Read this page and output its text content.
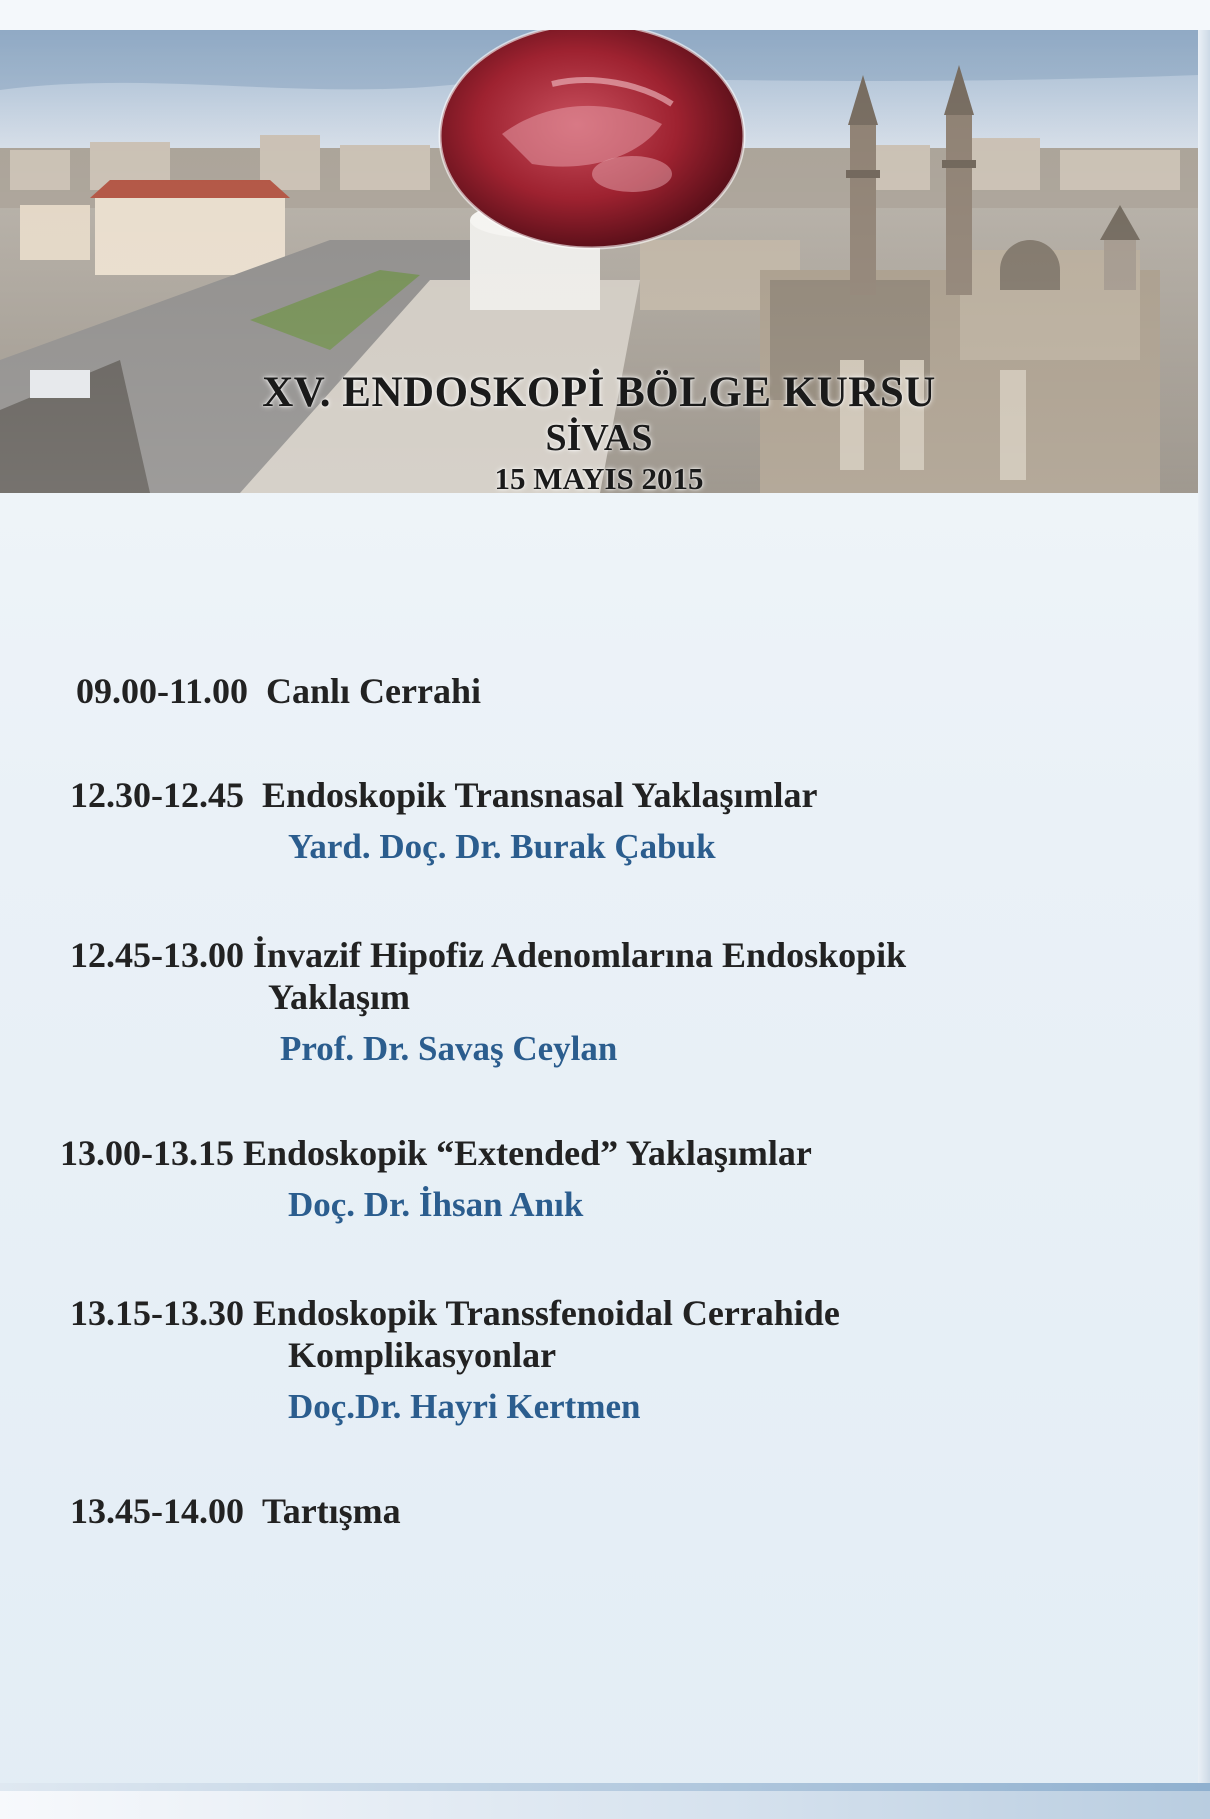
XV. ENDOSKOPİ BÖLGE KURSU
SİVAS
15 MAYIS 2015
09.00-11.00 Canlı Cerrahi
12.30-12.45 Endoskopik Transnasal Yaklaşımlar
Yard. Doç. Dr. Burak Çabuk
12.45-13.00 İnvazif Hipofiz Adenomlarına Endoskopik
Yaklaşım
Prof. Dr. Savaş Ceylan
13.00-13.15 Endoskopik “Extended” Yaklaşımlar
Doç. Dr. İhsan Anık
13.15-13.30 Endoskopik Transsfenoidal Cerrahide
Komplikasyonlar
Doç.Dr. Hayri Kertmen
13.45-14.00 Tartışma
